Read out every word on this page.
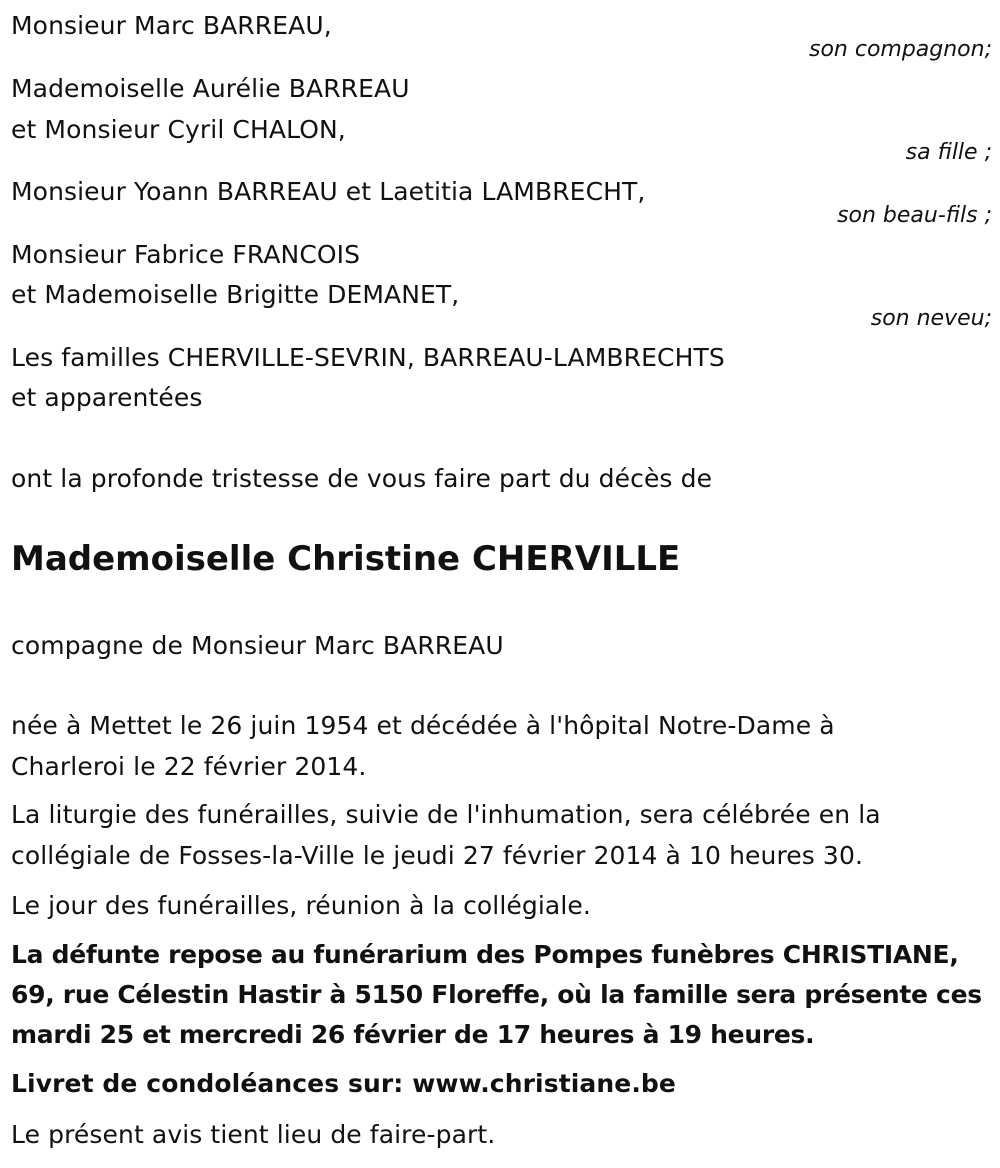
Monsieur Marc BARREAU,
son compagnon;
Mademoiselle Aurélie BARREAU
et Monsieur Cyril CHALON,
sa fille ;
Monsieur Yoann BARREAU et Laetitia LAMBRECHT,
son beau-fils ;
Monsieur Fabrice FRANCOIS
et Mademoiselle Brigitte DEMANET,
son neveu;
Les familles CHERVILLE-SEVRIN, BARREAU-LAMBRECHTS
et apparentées
ont la profonde tristesse de vous faire part du décès de
Mademoiselle Christine CHERVILLE
compagne de Monsieur Marc BARREAU
née à Mettet le 26 juin 1954 et décédée à l'hôpital Notre-Dame à
Charleroi le 22 février 2014.
La liturgie des funérailles, suivie de l'inhumation, sera célébrée en la
collégiale de Fosses-la-Ville le jeudi 27 février 2014 à 10 heures 30.
Le jour des funérailles, réunion à la collégiale.
La défunte repose au funérarium des Pompes funèbres CHRISTIANE,
69, rue Célestin Hastir à 5150 Floreffe, où la famille sera présente ces
mardi 25 et mercredi 26 février de 17 heures à 19 heures.
Livret de condoléances sur: www.christiane.be
Le présent avis tient lieu de faire-part.
